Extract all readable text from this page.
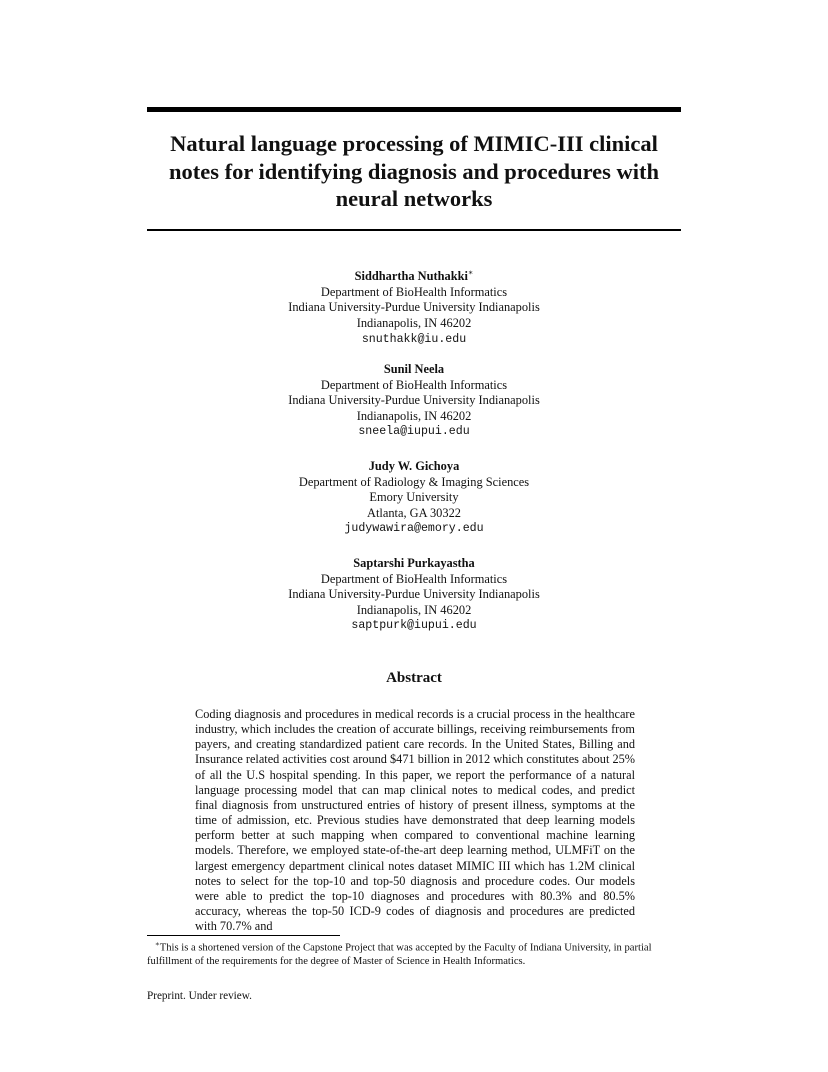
Natural language processing of MIMIC-III clinical notes for identifying diagnosis and procedures with neural networks
Siddhartha Nuthakki∗
Department of BioHealth Informatics
Indiana University-Purdue University Indianapolis
Indianapolis, IN 46202
snuthakk@iu.edu
Sunil Neela
Department of BioHealth Informatics
Indiana University-Purdue University Indianapolis
Indianapolis, IN 46202
sneela@iupui.edu
Judy W. Gichoya
Department of Radiology & Imaging Sciences
Emory University
Atlanta, GA 30322
judywawira@emory.edu
Saptarshi Purkayastha
Department of BioHealth Informatics
Indiana University-Purdue University Indianapolis
Indianapolis, IN 46202
saptpurk@iupui.edu
Abstract

Coding diagnosis and procedures in medical records is a crucial process in the healthcare industry, which includes the creation of accurate billings, receiving reimbursements from payers, and creating standardized patient care records. In the United States, Billing and Insurance related activities cost around $471 billion in 2012 which constitutes about 25% of all the U.S hospital spending. In this paper, we report the performance of a natural language processing model that can map clinical notes to medical codes, and predict final diagnosis from unstructured entries of history of present illness, symptoms at the time of admission, etc. Previous studies have demonstrated that deep learning models perform better at such mapping when compared to conventional machine learning models. Therefore, we employed state-of-the-art deep learning method, ULMFiT on the largest emergency department clinical notes dataset MIMIC III which has 1.2M clinical notes to select for the top-10 and top-50 diagnosis and procedure codes. Our models were able to predict the top-10 diagnoses and procedures with 80.3% and 80.5% accuracy, whereas the top-50 ICD-9 codes of diagnosis and procedures are predicted with 70.7% and

∗This is a shortened version of the Capstone Project that was accepted by the Faculty of Indiana University, in partial fulfillment of the requirements for the degree of Master of Science in Health Informatics.

Preprint. Under review.
